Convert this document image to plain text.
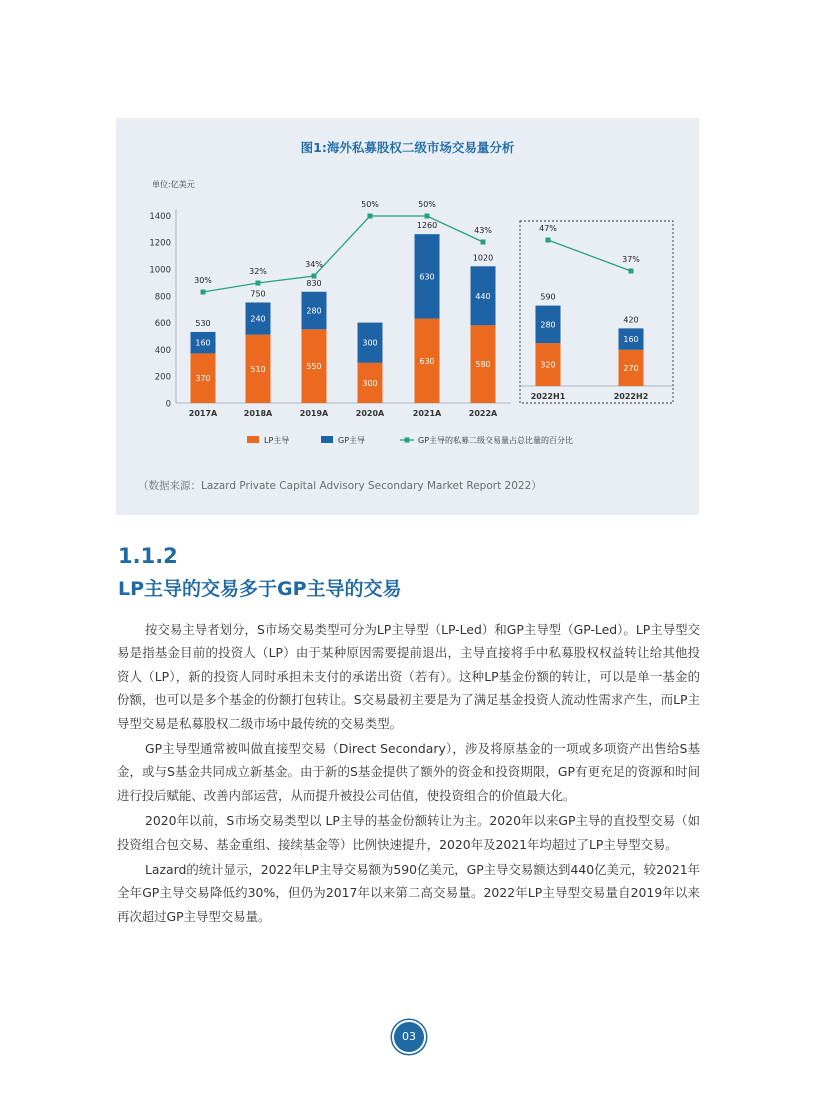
图1:海外私募股权二级市场交易量分析
0
200
400
600
800
1000
1200
1400
单位:亿美元
370
160
530
2017A
510
240
750
2018A
550
280
830
2019A
300
300
2020A
630
630
1260
2021A
580
440
1020
2022A
320
280
590
2022H1
270
160
420
2022H2
30%
32%
34%
50%	50%
43%	47%
37%
LP主导	GP主导	GP主导的私募二级交易量占总比量的百分比
（数据来源：Lazard Private Capital Advisory Secondary Market Report 2022）
1.1.2
LP主导的交易多于GP主导的交易

按交易主导者划分，S市场交易类型可分为LP主导型（LP-Led）和GP主导型（GP-Led）。LP主导型交易是指基金目前的投资人（LP）由于某种原因需要提前退出，主导直接将手中私募股权权益转让给其他投资人（LP），新的投资人同时承担未支付的承诺出资（若有）。这种LP基金份额的转让，可以是单一基金的份额，也可以是多个基金的份额打包转让。S交易最初主要是为了满足基金投资人流动性需求产生，而LP主导型交易是私募股权二级市场中最传统的交易类型。

GP主导型通常被叫做直接型交易（Direct Secondary），涉及将原基金的一项或多项资产出售给S基金，或与S基金共同成立新基金。由于新的S基金提供了额外的资金和投资期限，GP有更充足的资源和时间进行投后赋能、改善内部运营，从而提升被投公司估值，使投资组合的价值最大化。

2020年以前，S市场交易类型以 LP主导的基金份额转让为主。2020年以来GP主导的直投型交易（如投资组合包交易、基金重组、接续基金等）比例快速提升，2020年及2021年均超过了LP主导型交易。

Lazard的统计显示，2022年LP主导交易额为590亿美元，GP主导交易额达到440亿美元，较2021年全年GP主导交易降低约30%，但仍为2017年以来第二高交易量。2022年LP主导型交易量自2019年以来再次超过GP主导型交易量。

03
